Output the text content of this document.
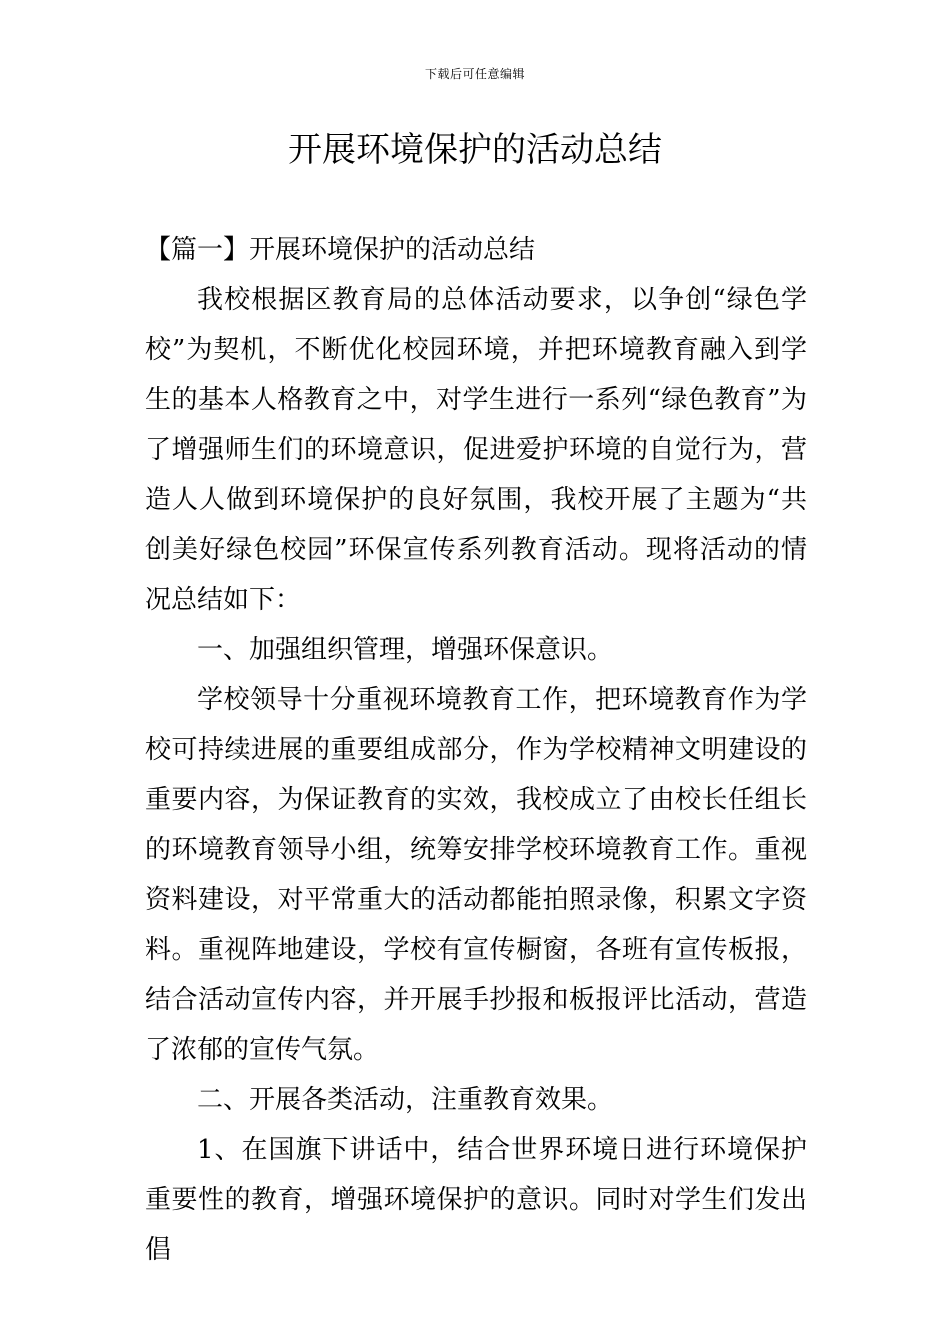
下载后可任意编辑
开展环境保护的活动总结

【篇一】开展环境保护的活动总结

我校根据区教育局的总体活动要求，以争创“绿色学校”为契机，不断优化校园环境，并把环境教育融入到学生的基本人格教育之中，对学生进行一系列“绿色教育”为了增强师生们的环境意识，促进爱护环境的自觉行为，营造人人做到环境保护的良好氛围，我校开展了主题为“共创美好绿色校园”环保宣传系列教育活动。现将活动的情况总结如下：

一、加强组织管理，增强环保意识。

学校领导十分重视环境教育工作，把环境教育作为学校可持续进展的重要组成部分，作为学校精神文明建设的重要内容，为保证教育的实效，我校成立了由校长任组长的环境教育领导小组，统筹安排学校环境教育工作。重视资料建设，对平常重大的活动都能拍照录像，积累文字资料。重视阵地建设，学校有宣传橱窗，各班有宣传板报，结合活动宣传内容，并开展手抄报和板报评比活动，营造了浓郁的宣传气氛。

二、开展各类活动，注重教育效果。

1、在国旗下讲话中，结合世界环境日进行环境保护重要性的教育，增强环境保护的意识。同时对学生们发出倡
